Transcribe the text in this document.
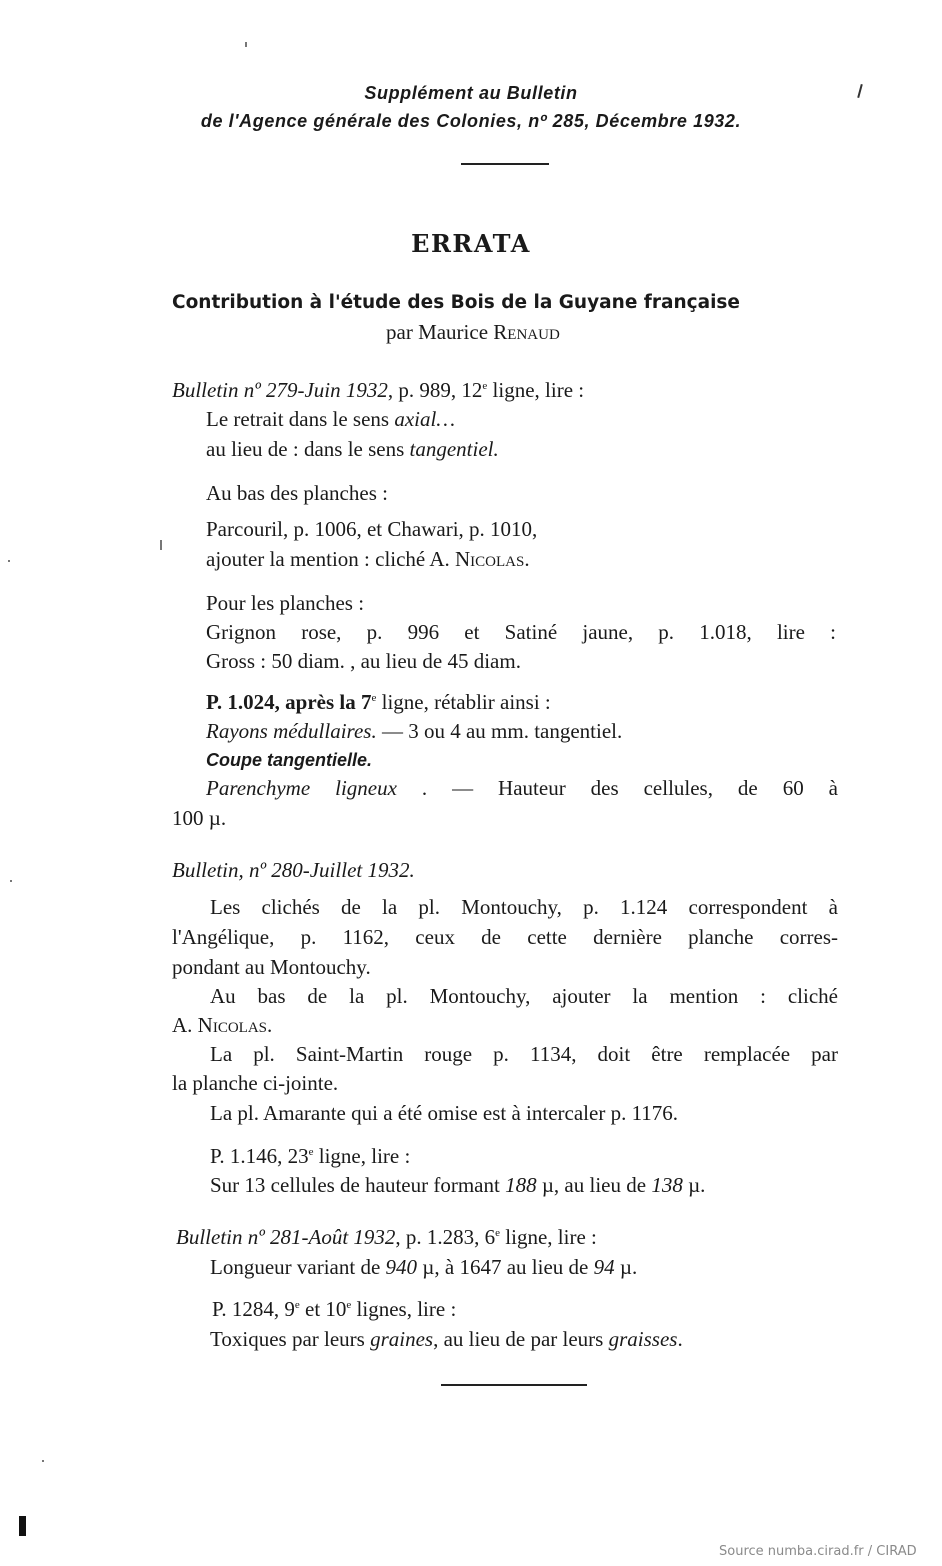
Supplément au Bulletin
de l'Agence générale des Colonies, nº 285, Décembre 1932.
ERRATA
Contribution à l'étude des Bois de la Guyane française
par Maurice Renaud
Bulletin nº 279-Juin 1932, p. 989, 12e ligne, lire :
Le retrait dans le sens axial…
au lieu de : dans le sens tangentiel.
Au bas des planches :
Parcouril, p. 1006, et Chawari, p. 1010,
ajouter la mention : cliché A. Nicolas.
Pour les planches :
Grignon rose, p. 996 et Satiné jaune, p. 1.018, lire :
Gross : 50 diam. , au lieu de 45 diam.
P. 1.024, après la 7e ligne, rétablir ainsi :
Rayons médullaires. — 3 ou 4 au mm. tangentiel.
Coupe tangentielle.
Parenchyme ligneux . — Hauteur des cellules, de 60 à
100 µ.
Bulletin, nº 280-Juillet 1932.
Les clichés de la pl. Montouchy, p. 1.124 correspondent à
l'Angélique, p. 1162, ceux de cette dernière planche corres-
pondant au Montouchy.
Au bas de la pl. Montouchy, ajouter la mention : cliché
A. Nicolas.
La pl. Saint-Martin rouge p. 1134, doit être remplacée par
la planche ci-jointe.
La pl. Amarante qui a été omise est à intercaler p. 1176.
P. 1.146, 23e ligne, lire :
Sur 13 cellules de hauteur formant 188 µ, au lieu de 138 µ.
Bulletin nº 281-Août 1932, p. 1.283, 6e ligne, lire :
Longueur variant de 940 µ, à 1647 au lieu de 94 µ.
P. 1284, 9e et 10e lignes, lire :
Toxiques par leurs graines, au lieu de par leurs graisses.
Source numba.cirad.fr / CIRAD
